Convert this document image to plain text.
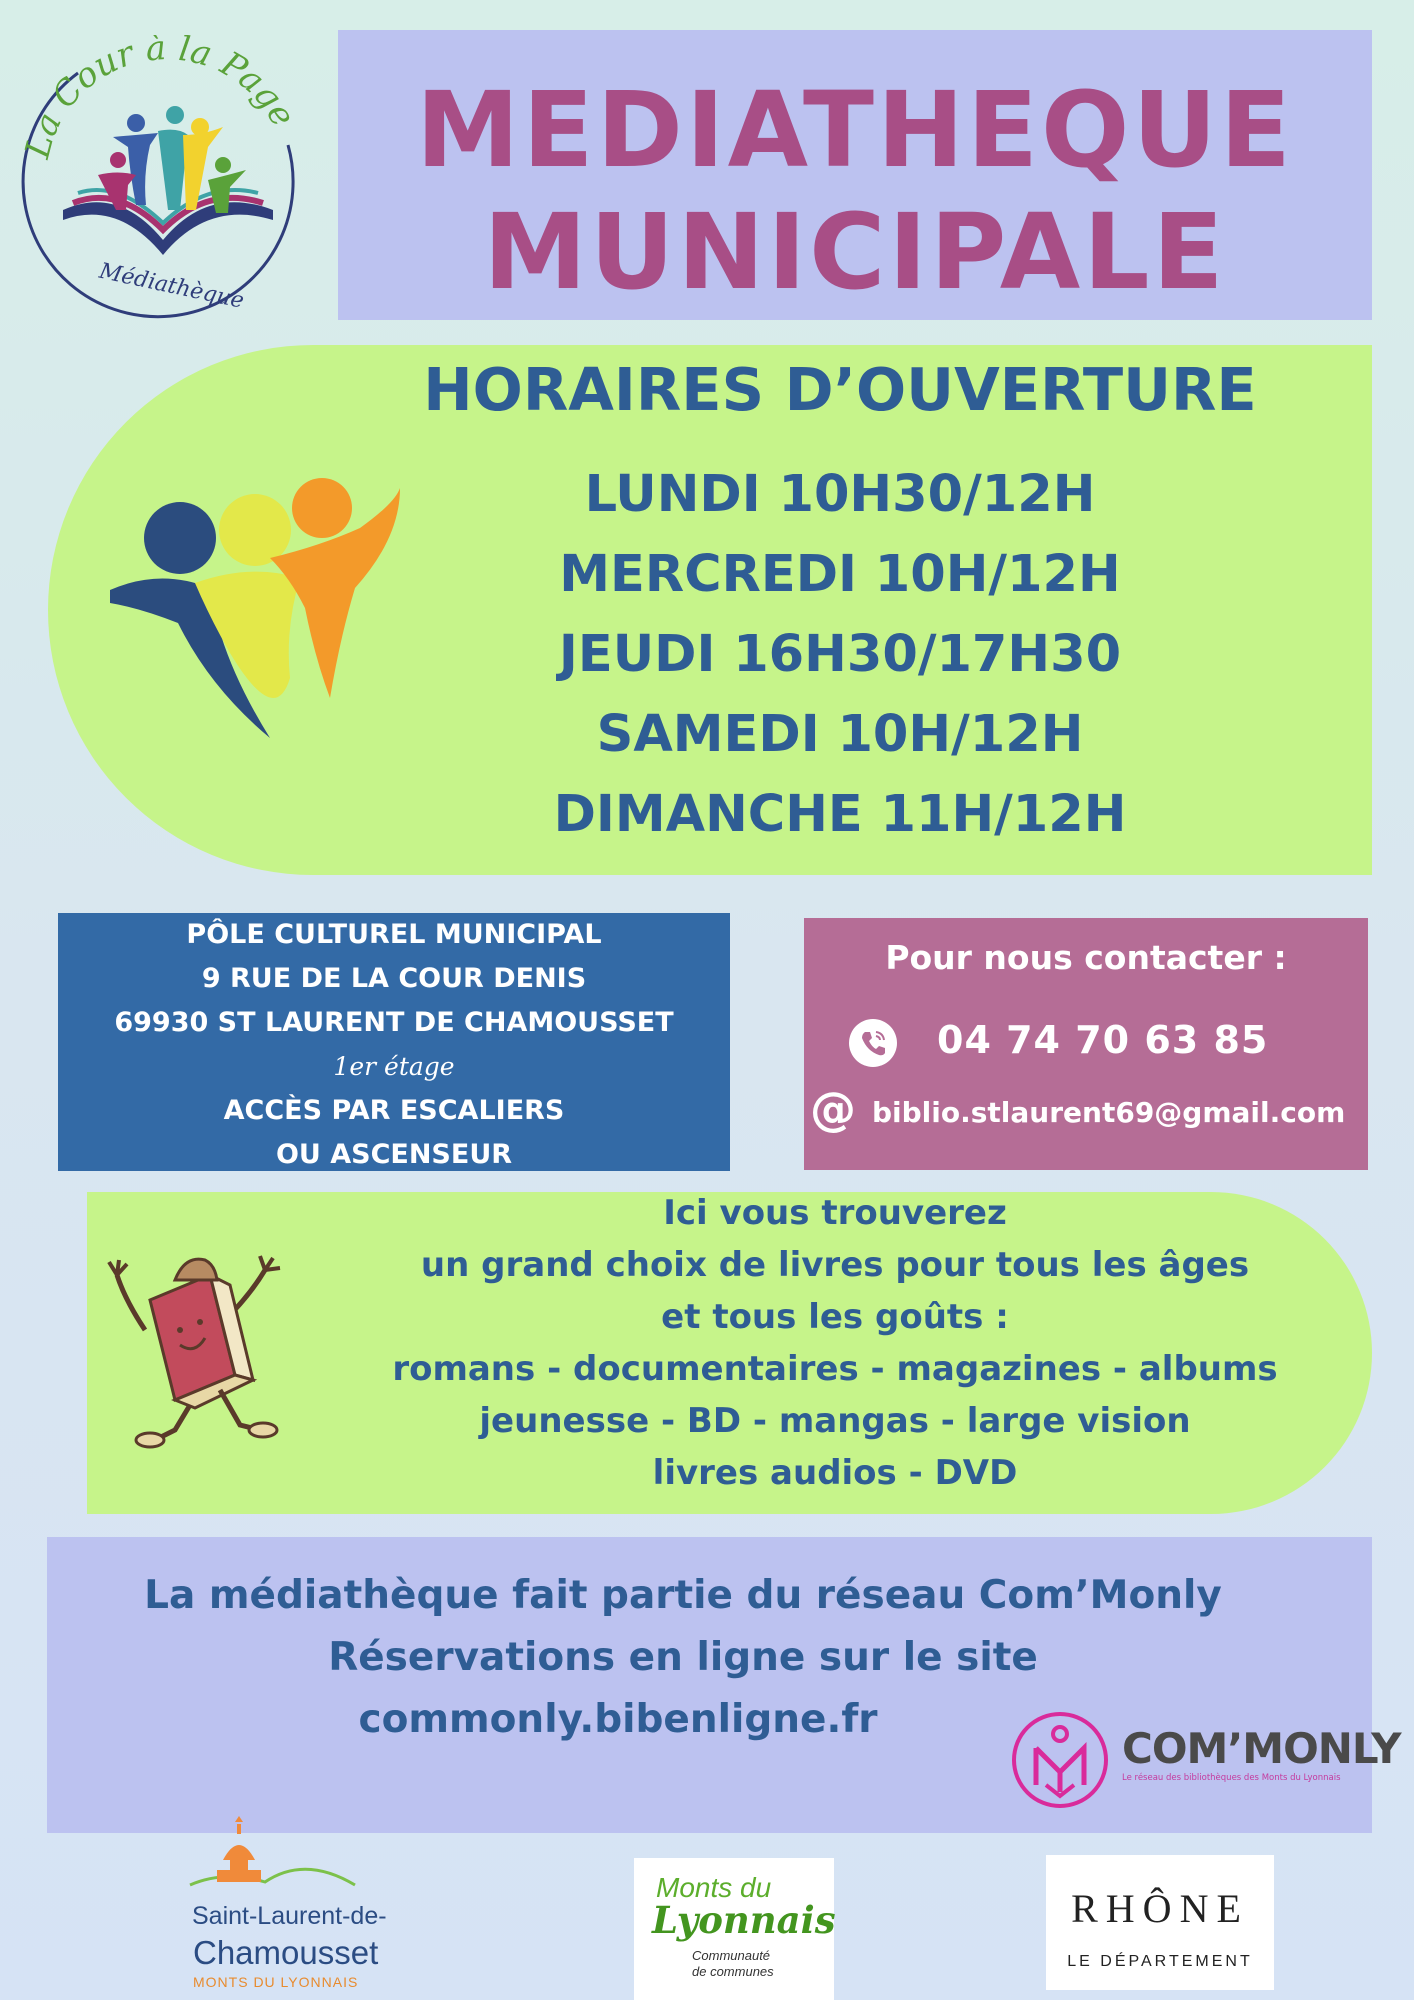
La Cour à la Page
Médiathèque
MEDIATHEQUE
MUNICIPALE
HORAIRES D’OUVERTURE
LUNDI 10H30/12H
MERCREDI 10H/12H
JEUDI 16H30/17H30
SAMEDI 10H/12H
DIMANCHE 11H/12H
PÔLE CULTUREL MUNICIPAL
9 RUE DE LA COUR DENIS
69930 ST LAURENT DE CHAMOUSSET
1er étage
ACCÈS PAR ESCALIERS
OU ASCENSEUR
Pour nous contacter :
04 74 70 63 85
@ biblio.stlaurent69@gmail.com
Ici vous trouverez
un grand choix de livres pour tous les âges
et tous les goûts :
romans - documentaires - magazines - albums
jeunesse - BD - mangas - large vision
livres audios - DVD
La médiathèque fait partie du réseau Com’Monly
Réservations en ligne sur le site
commonly.bibenligne.fr
COM’MONLY
Le réseau des bibliothèques des Monts du Lyonnais
Saint-Laurent-de-
Chamousset
MONTS DU LYONNAIS
Monts du
Lyonnais
Communauté
de communes
RHÔNE
LE DÉPARTEMENT
